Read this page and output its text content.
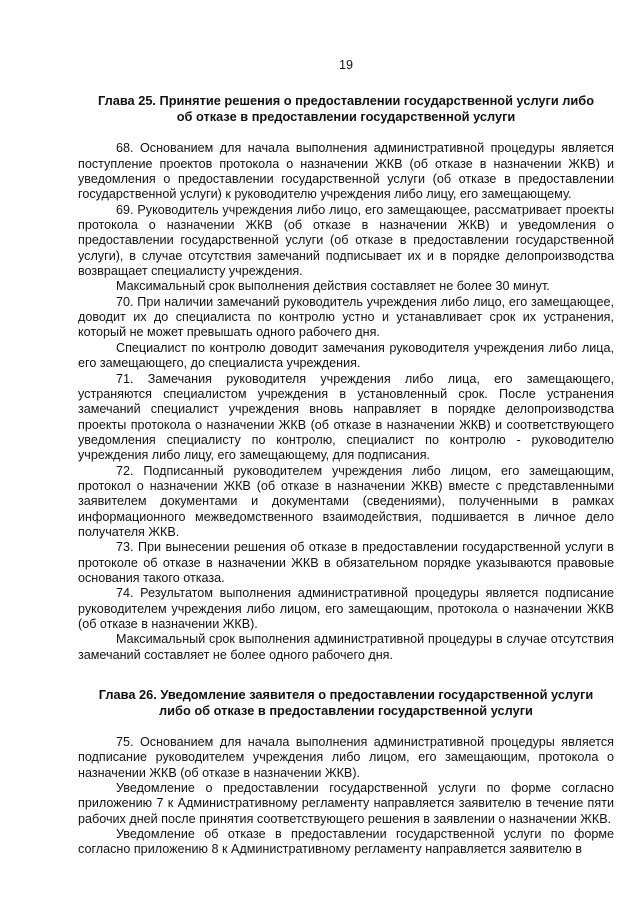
19
Глава 25. Принятие решения о предоставлении государственной услуги либо об отказе в предоставлении государственной услуги

68. Основанием для начала выполнения административной процедуры является поступление проектов протокола о назначении ЖКВ (об отказе в назначении ЖКВ) и уведомления о предоставлении государственной услуги (об отказе в предоставлении государственной услуги) к руководителю учреждения либо лицу, его замещающему.

69. Руководитель учреждения либо лицо, его замещающее, рассматривает проекты протокола о назначении ЖКВ (об отказе в назначении ЖКВ) и уведомления о предоставлении государственной услуги (об отказе в предоставлении государственной услуги), в случае отсутствия замечаний подписывает их и в порядке делопроизводства возвращает специалисту учреждения.

Максимальный срок выполнения действия составляет не более 30 минут.

70. При наличии замечаний руководитель учреждения либо лицо, его замещающее, доводит их до специалиста по контролю устно и устанавливает срок их устранения, который не может превышать одного рабочего дня.

Специалист по контролю доводит замечания руководителя учреждения либо лица, его замещающего, до специалиста учреждения.

71. Замечания руководителя учреждения либо лица, его замещающего, устраняются специалистом учреждения в установленный срок. После устранения замечаний специалист учреждения вновь направляет в порядке делопроизводства проекты протокола о назначении ЖКВ (об отказе в назначении ЖКВ) и соответствующего уведомления специалисту по контролю, специалист по контролю - руководителю учреждения либо лицу, его замещающему, для подписания.

72. Подписанный руководителем учреждения либо лицом, его замещающим, протокол о назначении ЖКВ (об отказе в назначении ЖКВ) вместе с представленными заявителем документами и документами (сведениями), полученными в рамках информационного межведомственного взаимодействия, подшивается в личное дело получателя ЖКВ.

73. При вынесении решения об отказе в предоставлении государственной услуги в протоколе об отказе в назначении ЖКВ в обязательном порядке указываются правовые основания такого отказа.

74. Результатом выполнения административной процедуры является подписание руководителем учреждения либо лицом, его замещающим, протокола о назначении ЖКВ (об отказе в назначении ЖКВ).

Максимальный срок выполнения административной процедуры в случае отсутствия замечаний составляет не более одного рабочего дня.

Глава 26. Уведомление заявителя о предоставлении государственной услуги либо об отказе в предоставлении государственной услуги

75. Основанием для начала выполнения административной процедуры является подписание руководителем учреждения либо лицом, его замещающим, протокола о назначении ЖКВ (об отказе в назначении ЖКВ).

Уведомление о предоставлении государственной услуги по форме согласно приложению 7 к Административному регламенту направляется заявителю в течение пяти рабочих дней после принятия соответствующего решения в заявлении о назначении ЖКВ.

Уведомление об отказе в предоставлении государственной услуги по форме согласно приложению 8 к Административному регламенту направляется заявителю в
